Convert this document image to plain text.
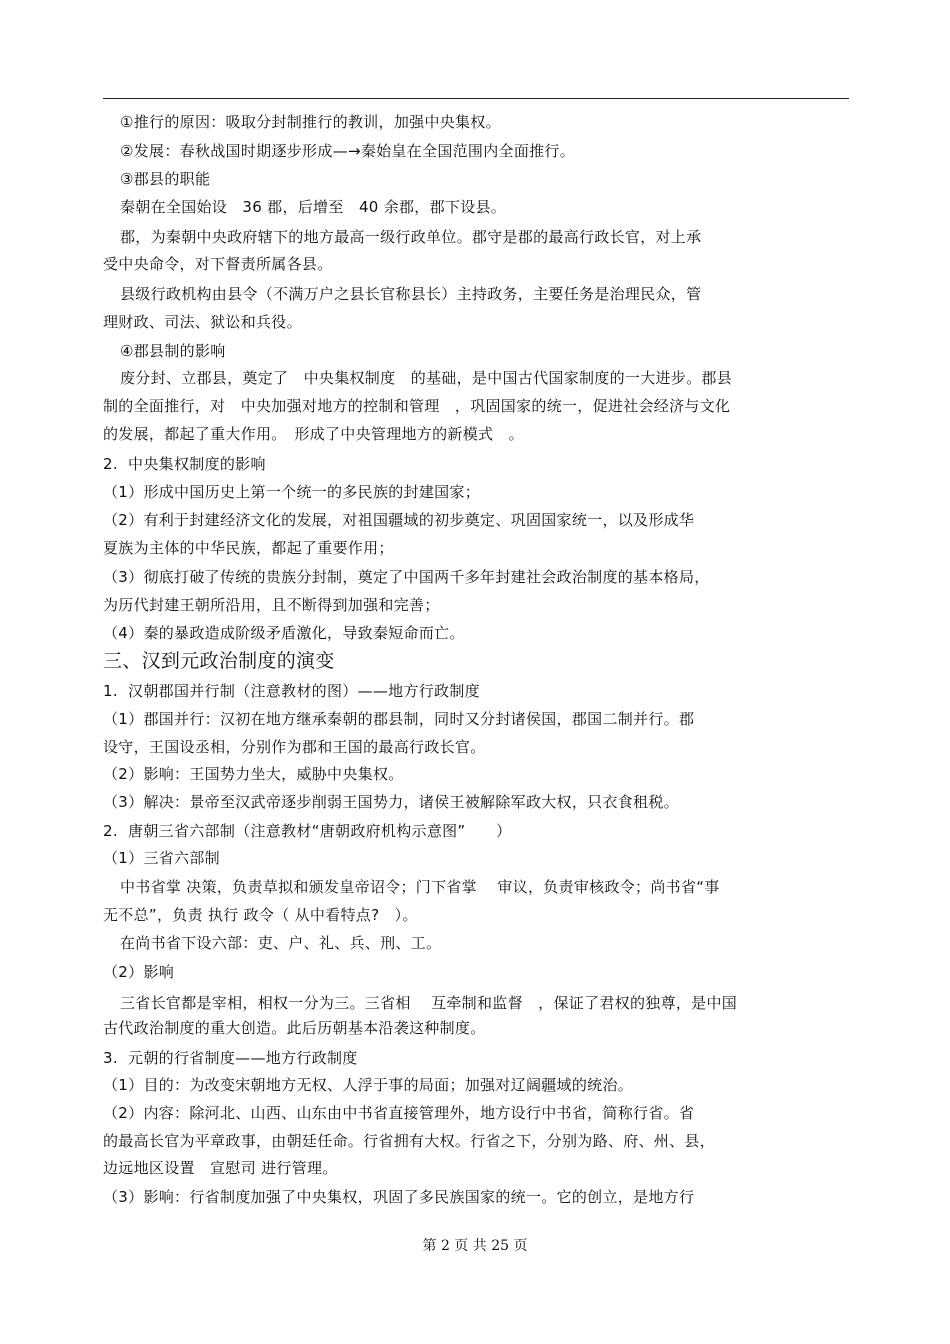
①推行的原因：吸取分封制推行的教训，加强中央集权。
②发展：春秋战国时期逐步形成—→秦始皇在全国范围内全面推行。
③郡县的职能
秦朝在全国始设　36 郡，后增至　40 余郡，郡下设县。
郡，为秦朝中央政府辖下的地方最高一级行政单位。郡守是郡的最高行政长官，对上承
受中央命令，对下督责所属各县。
县级行政机构由县令（不满万户之县长官称县长）主持政务，主要任务是治理民众，管
理财政、司法、狱讼和兵役。
④郡县制的影响
废分封、立郡县，奠定了　中央集权制度　的基础，是中国古代国家制度的一大进步。郡县
制的全面推行，对　中央加强对地方的控制和管理　，巩固国家的统一，促进社会经济与文化
的发展，都起了重大作用。　形成了中央管理地方的新模式　。
2.  中央集权制度的影响
（1）形成中国历史上第一个统一的多民族的封建国家；
（2）有利于封建经济文化的发展，对祖国疆域的初步奠定、巩固国家统一，以及形成华
夏族为主体的中华民族，都起了重要作用；
（3）彻底打破了传统的贵族分封制，奠定了中国两千多年封建社会政治制度的基本格局，
为历代封建王朝所沿用，且不断得到加强和完善；
（4）秦的暴政造成阶级矛盾激化，导致秦短命而亡。
三、汉到元政治制度的演变
1.  汉朝郡国并行制（注意教材的图）——地方行政制度
（1）郡国并行：汉初在地方继承秦朝的郡县制，同时又分封诸侯国，郡国二制并行。郡
设守，王国设丞相，分别作为郡和王国的最高行政长官。
（2）影响：王国势力坐大，威胁中央集权。
（3）解决：景帝至汉武帝逐步削弱王国势力，诸侯王被解除军政大权，只衣食租税。
2.  唐朝三省六部制（注意教材“唐朝政府机构示意图”　　）
（1）三省六部制
中书省掌 决策，负责草拟和颁发皇帝诏令；门下省掌　 审议，负责审核政令；尚书省“事
无不总”，负责 执行 政令（ 从中看特点?　）。
在尚书省下设六部：吏、户、礼、兵、刑、工。
（2）影响
三省长官都是宰相，相权一分为三。三省相　 互牵制和监督　，保证了君权的独尊，是中国
古代政治制度的重大创造。此后历朝基本沿袭这种制度。
3.  元朝的行省制度——地方行政制度
（1）目的：为改变宋朝地方无权、人浮于事的局面；加强对辽阔疆域的统治。
（2）内容：除河北、山西、山东由中书省直接管理外，地方设行中书省，简称行省。省
的最高长官为平章政事，由朝廷任命。行省拥有大权。行省之下，分别为路、府、州、县，
边远地区设置　宣慰司 进行管理。
（3）影响：行省制度加强了中央集权，巩固了多民族国家的统一。它的创立，是地方行
第 2 页 共 25 页
